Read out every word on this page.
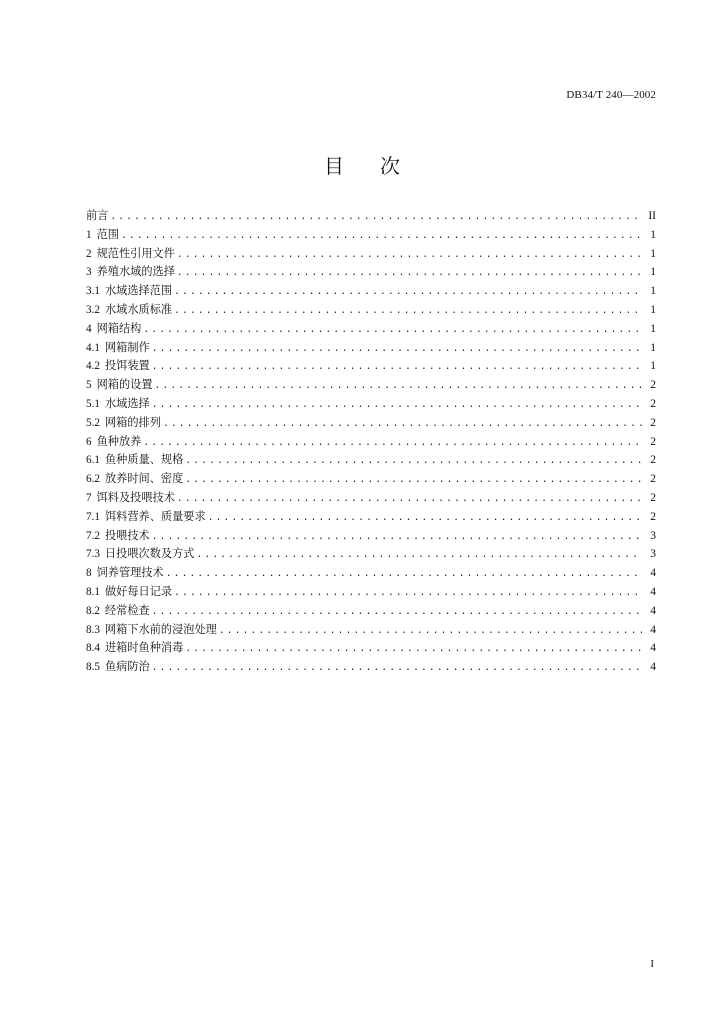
DB34/T 240—2002
目 次
前言 .....	II
1 范围 .....	1
2 规范性引用文件 .....	1
3 养殖水域的选择 .....	1
3.1 水域选择范围 .....	1
3.2 水域水质标准 .....	1
4 网箱结构 .....	1
4.1 网箱制作 .....	1
4.2 投饵装置 .....	1
5 网箱的设置 .....	2
5.1 水域选择 .....	2
5.2 网箱的排列 .....	2
6 鱼种放养 .....	2
6.1 鱼种质量、规格 .....	2
6.2 放养时间、密度 .....	2
7 饵料及投喂技术 .....	2
7.1 饵料营养、质量要求 .....	2
7.2 投喂技术 .....	3
7.3 日投喂次数及方式 .....	3
8 饲养管理技术 .....	4
8.1 做好每日记录 .....	4
8.2 经常检查 .....	4
8.3 网箱下水前的浸泡处理 .....	4
8.4 进箱时鱼种消毒 .....	4
8.5 鱼病防治 .....	4
I
